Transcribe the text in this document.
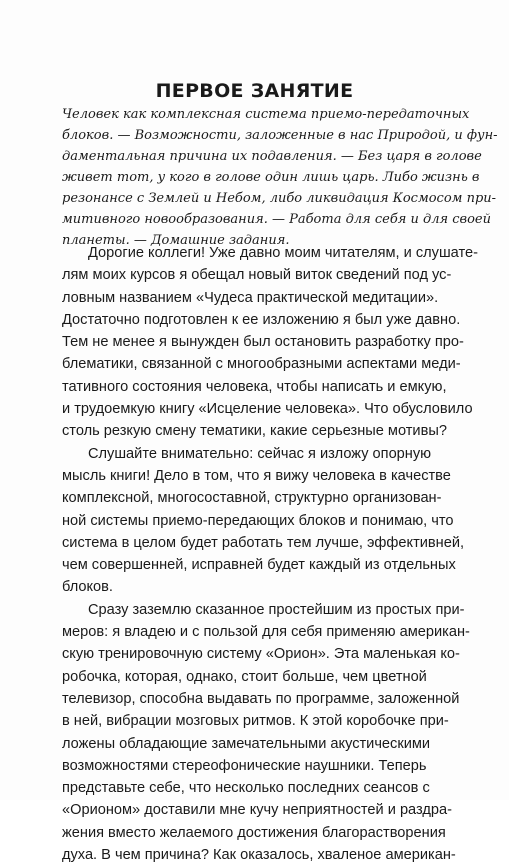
ПЕРВОЕ ЗАНЯТИЕ
Человек как комплексная система приемо-передаточных
блоков. — Возможности, заложенные в нас Природой, и фун-
даментальная причина их подавления. — Без царя в голове
живет тот, у кого в голове один лишь царь. Либо жизнь в
резонансе с Землей и Небом, либо ликвидация Космосом при-
митивного новообразования. — Работа для себя и для своей
планеты. — Домашние задания.
Дорогие коллеги! Уже давно моим читателям, и слушате-
лям моих курсов я обещал новый виток сведений под ус-
ловным названием «Чудеса практической медитации».
Достаточно подготовлен к ее изложению я был уже давно.
Тем не менее я вынужден был остановить разработку про-
блематики, связанной с многообразными аспектами меди-
тативного состояния человека, чтобы написать и емкую,
и трудоемкую книгу «Исцеление человека». Что обусловило
столь резкую смену тематики, какие серьезные мотивы?
Слушайте внимательно: сейчас я изложу опорную
мысль книги! Дело в том, что я вижу человека в качестве
комплексной, многосоставной, структурно организован-
ной системы приемо-передающих блоков и понимаю, что
система в целом будет работать тем лучше, эффективней,
чем совершенней, исправней будет каждый из отдельных
блоков.
Сразу заземлю сказанное простейшим из простых при-
меров: я владею и с пользой для себя применяю американ-
скую тренировочную систему «Орион». Эта маленькая ко-
робочка, которая, однако, стоит больше, чем цветной
телевизор, способна выдавать по программе, заложенной
в ней, вибрации мозговых ритмов. К этой коробочке при-
ложены обладающие замечательными акустическими
возможностями стереофонические наушники. Теперь
представьте себе, что несколько последних сеансов с
«Орионом» доставили мне кучу неприятностей и раздра-
жения вместо желаемого достижения благорастворения
духа. В чем причина? Как оказалось, хваленое американ-
